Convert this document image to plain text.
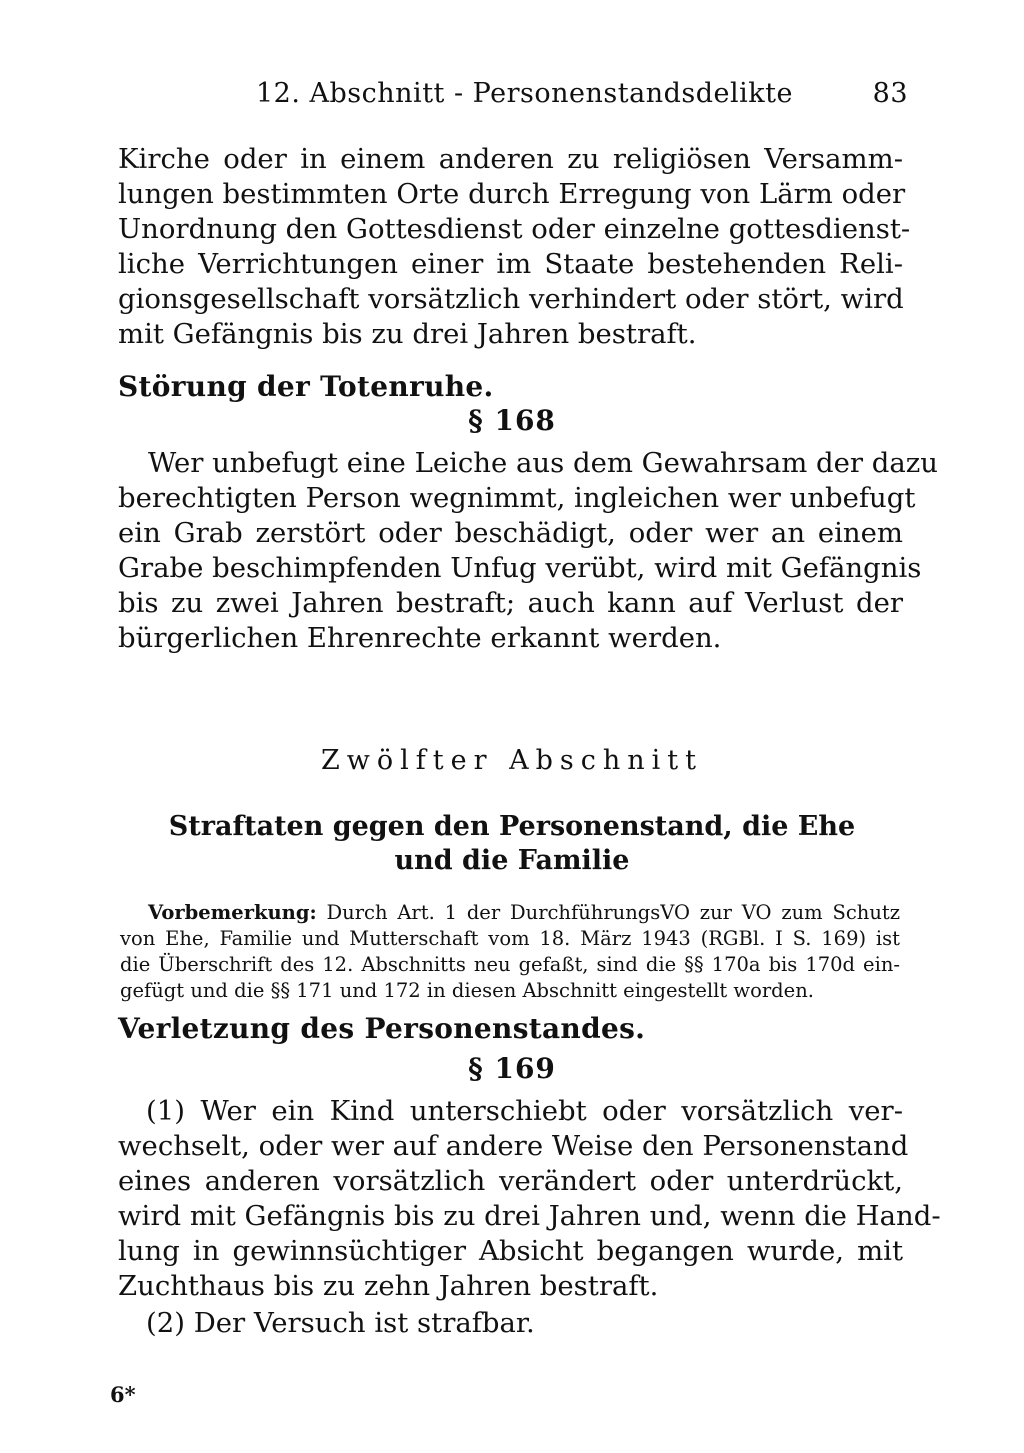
12. Abschnitt - Personenstandsdelikte	83
Kirche oder in einem anderen zu religiösen Versamm-
lungen bestimmten Orte durch Erregung von Lärm oder
Unordnung den Gottesdienst oder einzelne gottesdienst-
liche Verrichtungen einer im Staate bestehenden Reli-
gionsgesellschaft vorsätzlich verhindert oder stört, wird
mit Gefängnis bis zu drei Jahren bestraft.
Störung der Totenruhe.
§ 168
Wer unbefugt eine Leiche aus dem Gewahrsam der dazu
berechtigten Person wegnimmt, ingleichen wer unbefugt
ein Grab zerstört oder beschädigt, oder wer an einem
Grabe beschimpfenden Unfug verübt, wird mit Gefängnis
bis zu zwei Jahren bestraft; auch kann auf Verlust der
bürgerlichen Ehrenrechte erkannt werden.
Zwölfter Abschnitt
Straftaten gegen den Personenstand, die Ehe
und die Familie
Vorbemerkung: Durch Art. 1 der DurchführungsVO zur VO zum Schutz
von Ehe, Familie und Mutterschaft vom 18. März 1943 (RGBl. I S. 169) ist
die Überschrift des 12. Abschnitts neu gefaßt, sind die §§ 170a bis 170d ein-
gefügt und die §§ 171 und 172 in diesen Abschnitt eingestellt worden.
Verletzung des Personenstandes.
§ 169
(1) Wer ein Kind unterschiebt oder vorsätzlich ver-
wechselt, oder wer auf andere Weise den Personenstand
eines anderen vorsätzlich verändert oder unterdrückt,
wird mit Gefängnis bis zu drei Jahren und, wenn die Hand-
lung in gewinnsüchtiger Absicht begangen wurde, mit
Zuchthaus bis zu zehn Jahren bestraft.
(2) Der Versuch ist strafbar.
6*
